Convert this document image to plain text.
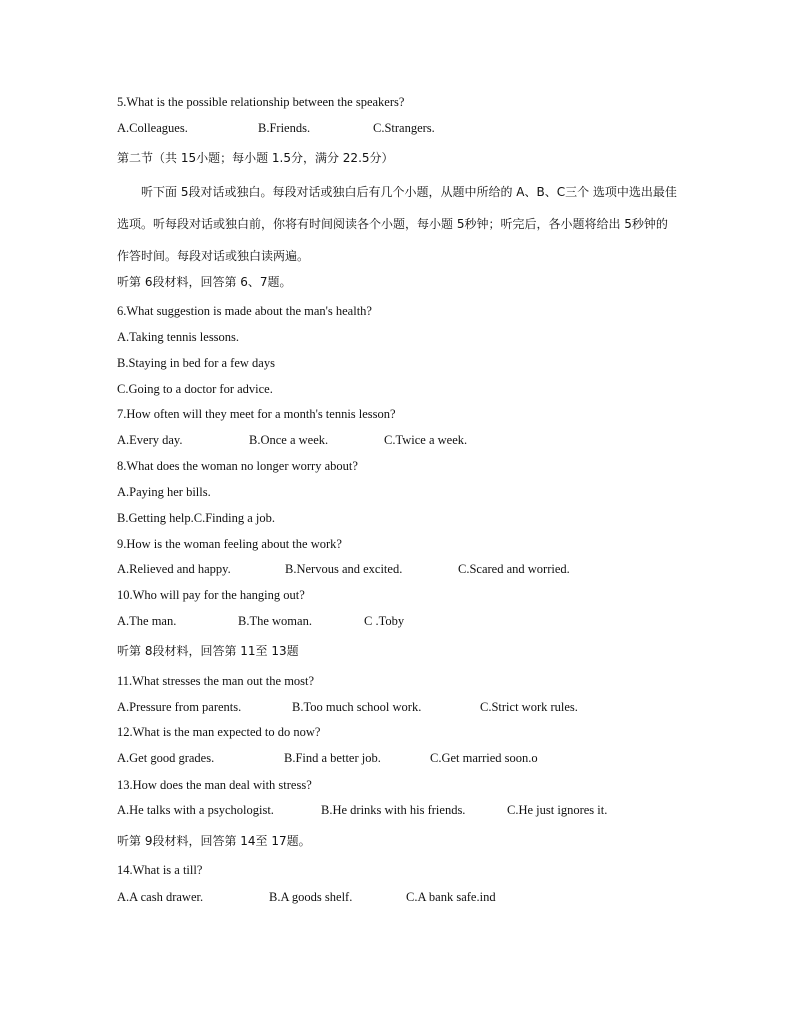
5.What is the possible relationship between the speakers?
A.Colleagues.	B.Friends.	C.Strangers.
第二节（共 15小题；每小题 1.5分，满分 22.5分）
听下面 5段对话或独白。每段对话或独白后有几个小题，从题中所给的 A、B、C三个 选项中选出最佳选项。听每段对话或独白前，你将有时间阅读各个小题，每小题 5秒钟；听完后，各小题将给出 5秒钟的作答时间。每段对话或独白读两遍。
听第 6段材料，回答第 6、7题。
6.What suggestion is made about the man's health?
A.Taking tennis lessons.
B.Staying in bed for a few days
C.Going to a doctor for advice.
7.How often will they meet for a month's tennis lesson?
A.Every day.	B.Once a week.	C.Twice a week.
8.What does the woman no longer worry about?
A.Paying her bills.
B.Getting help.C.Finding a job.
9.How is the woman feeling about the work?
A.Relieved and happy.	B.Nervous and excited.	C.Scared and worried.
10.Who will pay for the hanging out?
A.The man.	B.The woman.	C .Toby
听第 8段材料，回答第 11至 13题
11.What stresses the man out the most?
A.Pressure from parents.	B.Too much school work.	C.Strict work rules.
12.What is the man expected to do now?
A.Get good grades.	B.Find a better job.	C.Get married soon.o
13.How does the man deal with stress?
A.He talks with a psychologist.	B.He drinks with his friends.	C.He just ignores it.
听第 9段材料，回答第 14至 17题。
14.What is a till?
A.A cash drawer.	B.A goods shelf.	C.A bank safe.ind
